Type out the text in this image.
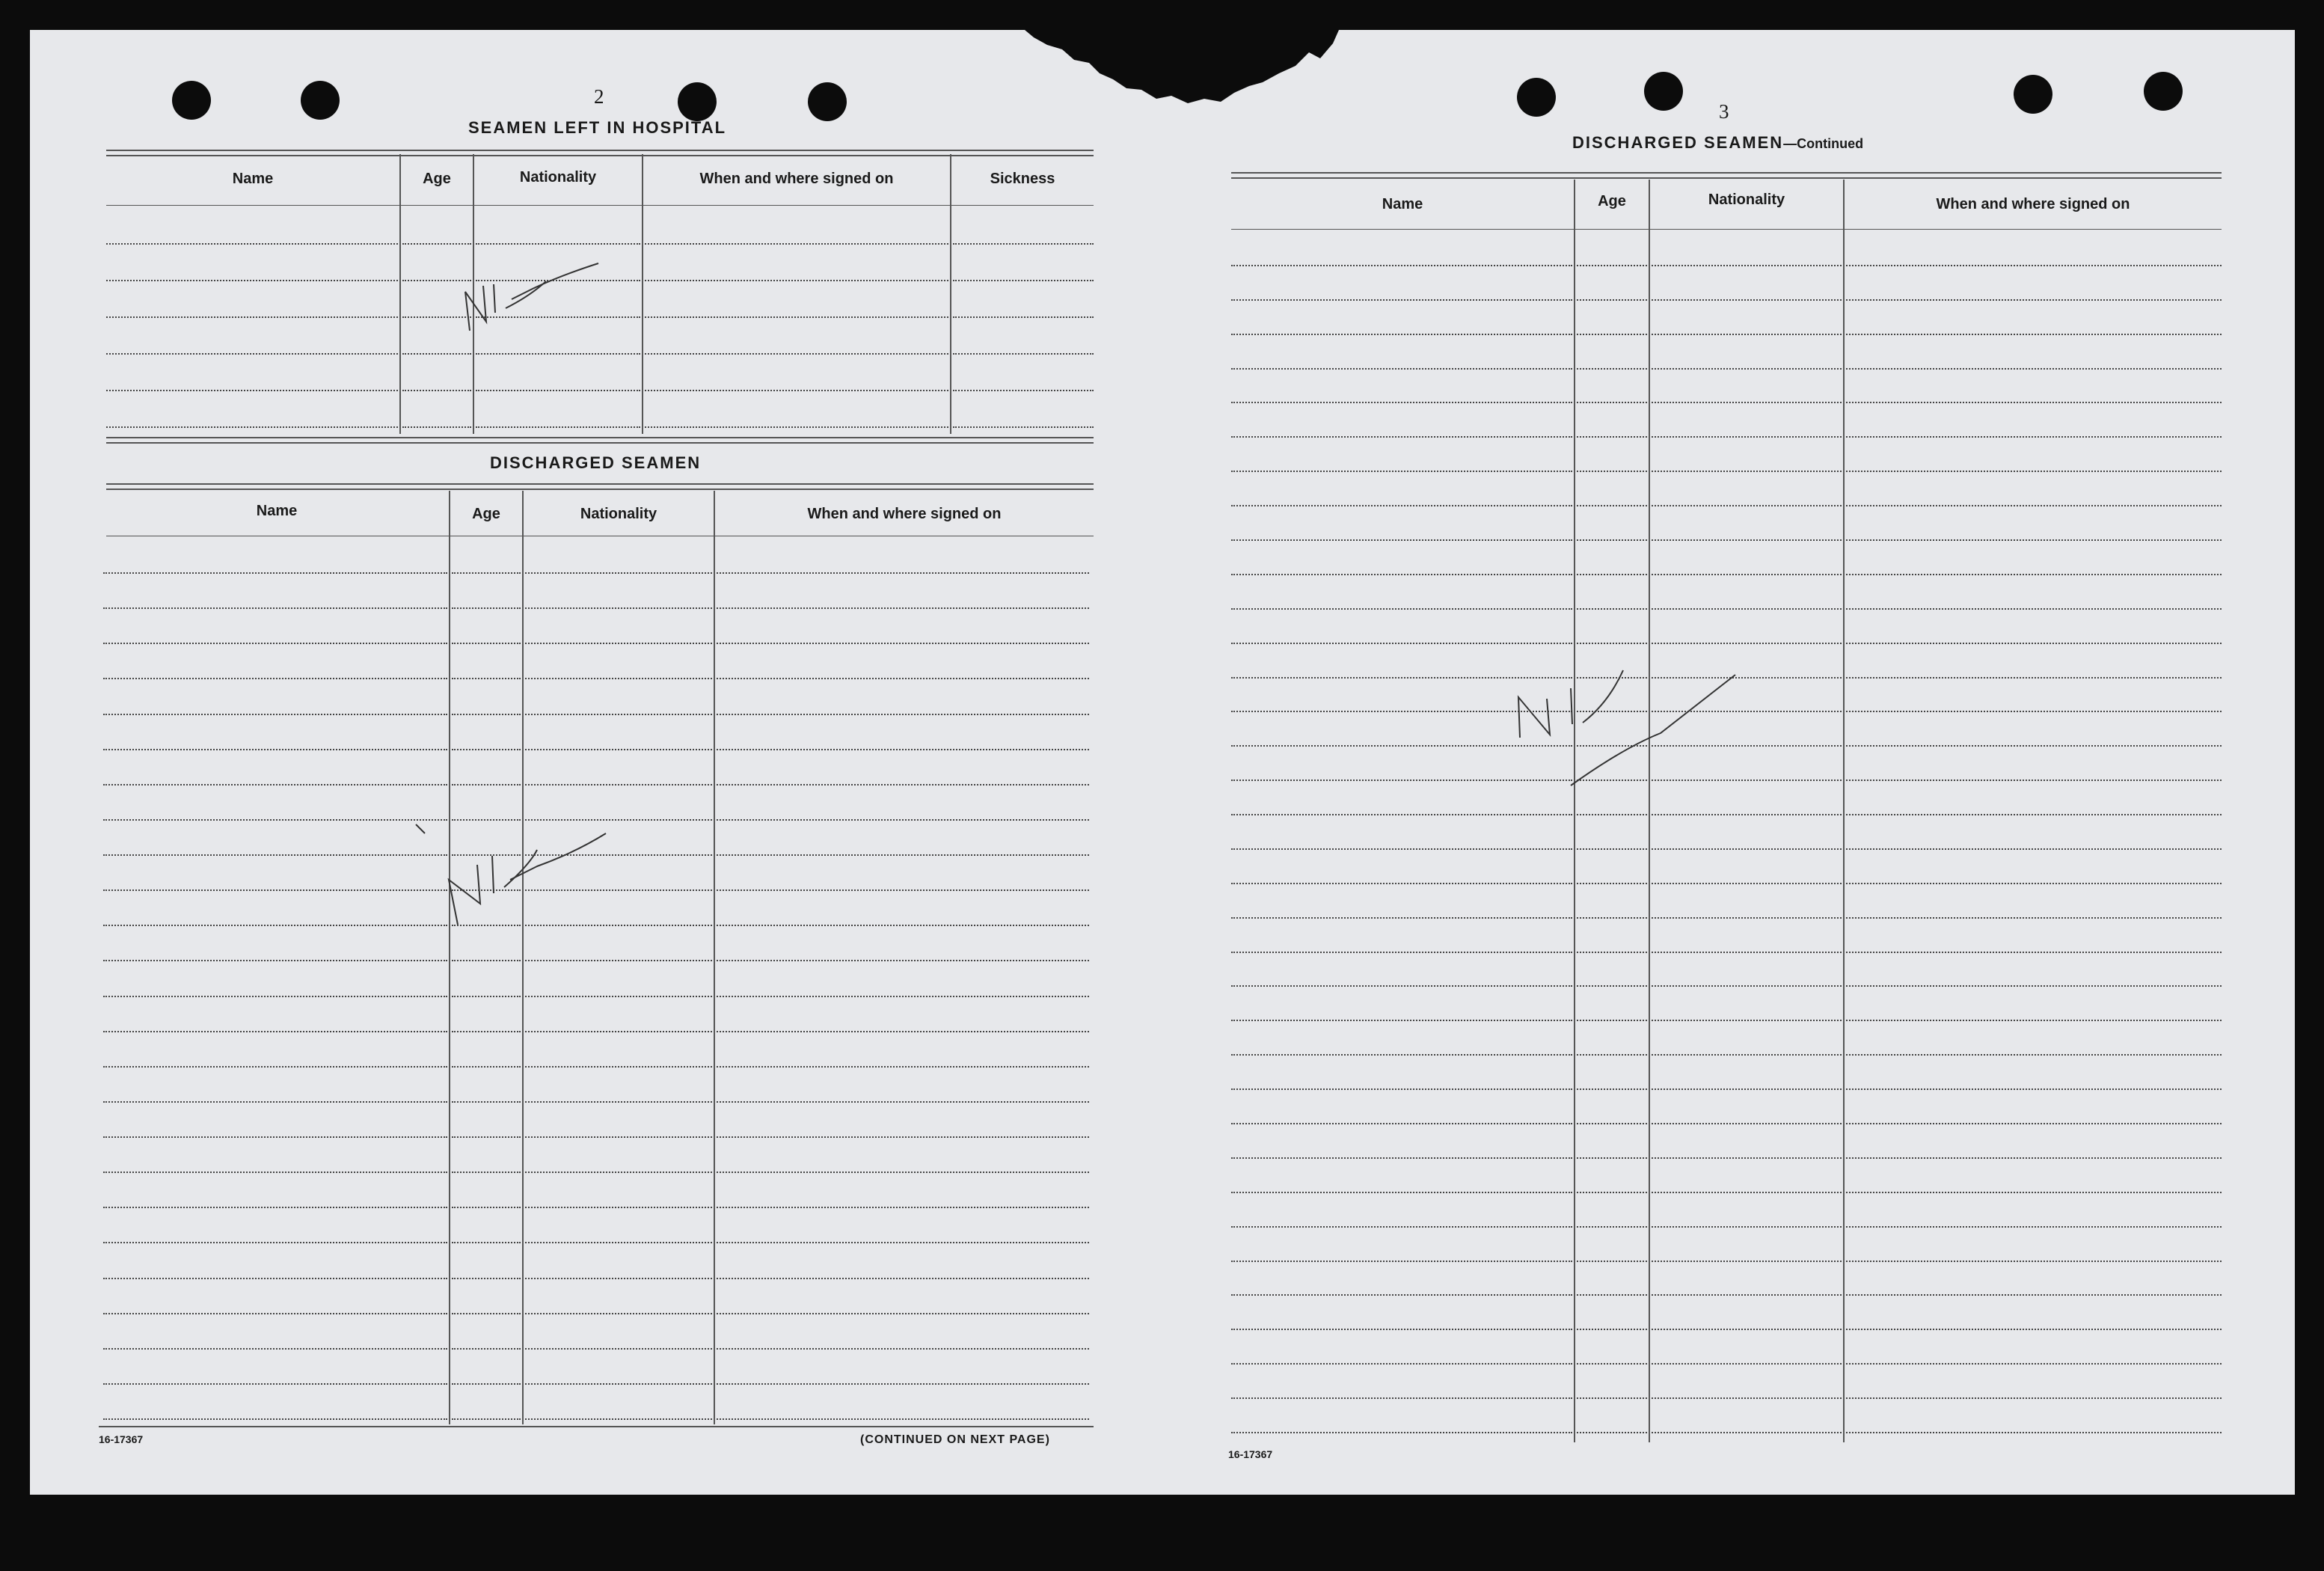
2
SEAMEN LEFT IN HOSPITAL
Name	Age	Nationality	When and where signed on	Sickness
DISCHARGED SEAMEN
Name	Age	Nationality	When and where signed on
16-17367	(CONTINUED ON NEXT PAGE)
3
DISCHARGED SEAMEN—Continued
Name	Age	Nationality	When and where signed on
16-17367
